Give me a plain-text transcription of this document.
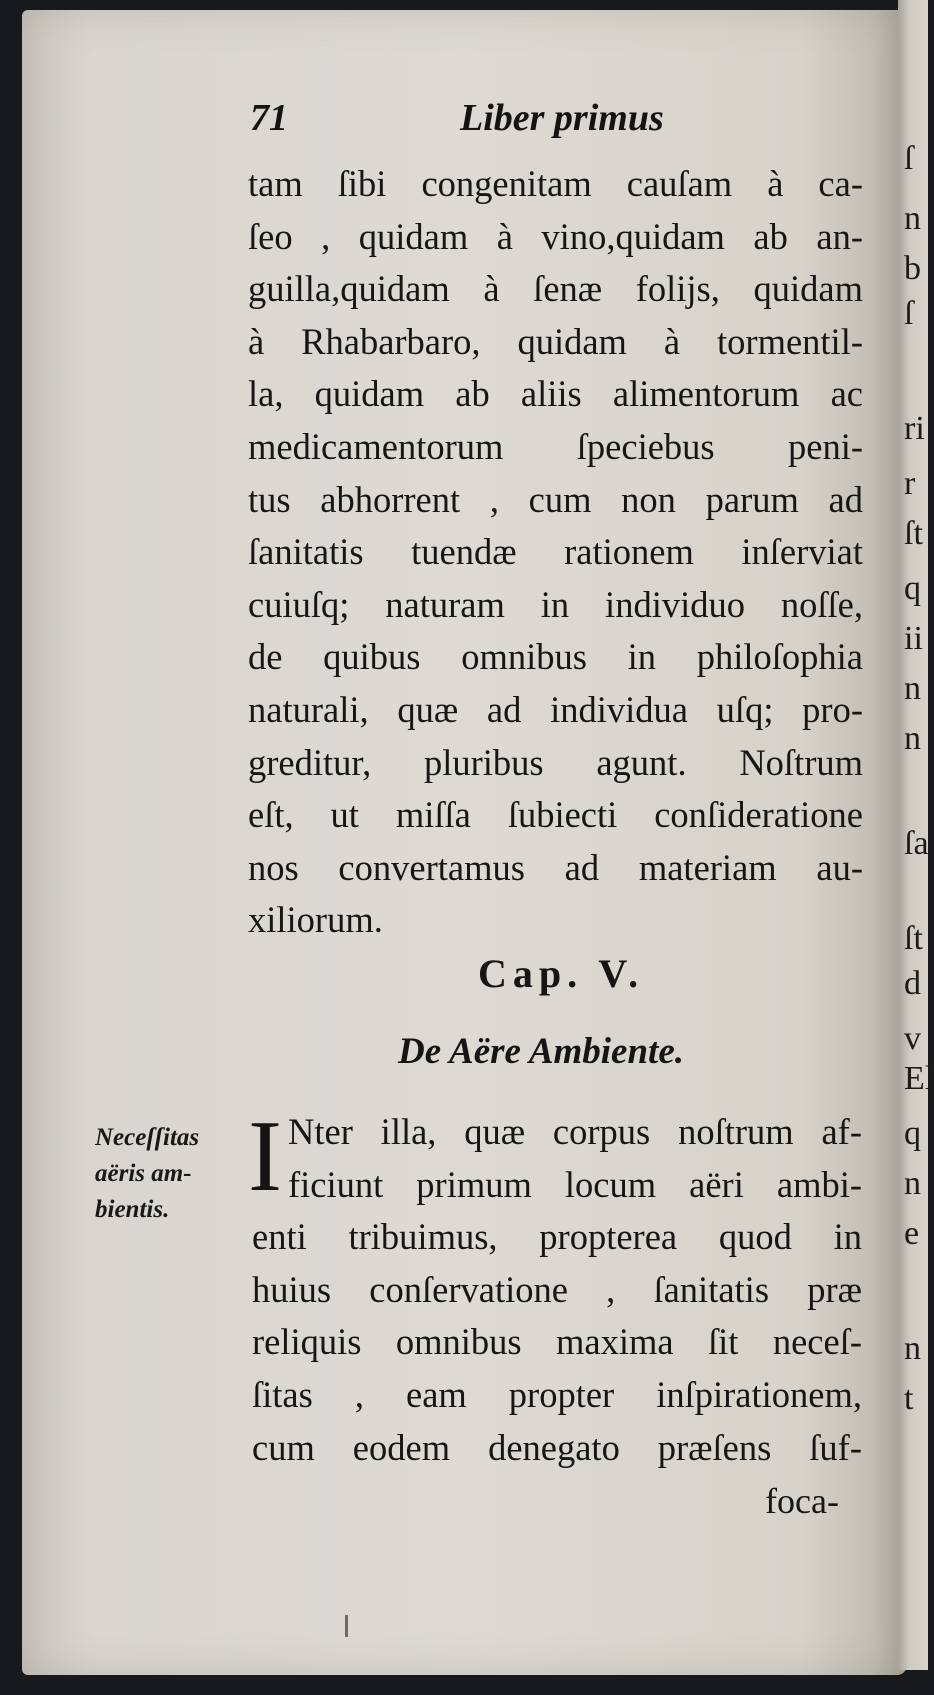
ſ
n
b
ſ
ri
r
ſt
q
ii
n
n
ſa
ſt
d
v
El
q
n
e
n
t
71	Liber primus
tam ſibi congenitam cauſam à ca-
ſeo , quidam à vino,quidam ab an-
guilla,quidam à ſenæ folijs, quidam
à Rhabarbaro, quidam à tormentil-
la, quidam ab aliis alimentorum ac
medicamentorum ſpeciebus peni-
tus abhorrent , cum non parum ad
ſanitatis tuendæ rationem inſerviat
cuiuſq; naturam in individuo noſſe,
de quibus omnibus in philoſophia
naturali, quæ ad individua uſq; pro-
greditur, pluribus agunt. Noſtrum
eſt, ut miſſa ſubiecti conſideratione
nos convertamus ad materiam au-
xiliorum.
Cap. V.
De Aëre Ambiente.
Neceſſitas
aëris am-
bientis. I Nter illa, quæ corpus noſtrum af-
ficiunt primum locum aëri ambi-
enti tribuimus, propterea quod in
huius conſervatione , ſanitatis præ
reliquis omnibus maxima ſit neceſ-
ſitas , eam propter inſpirationem,
cum eodem denegato præſens ſuf-
foca-
